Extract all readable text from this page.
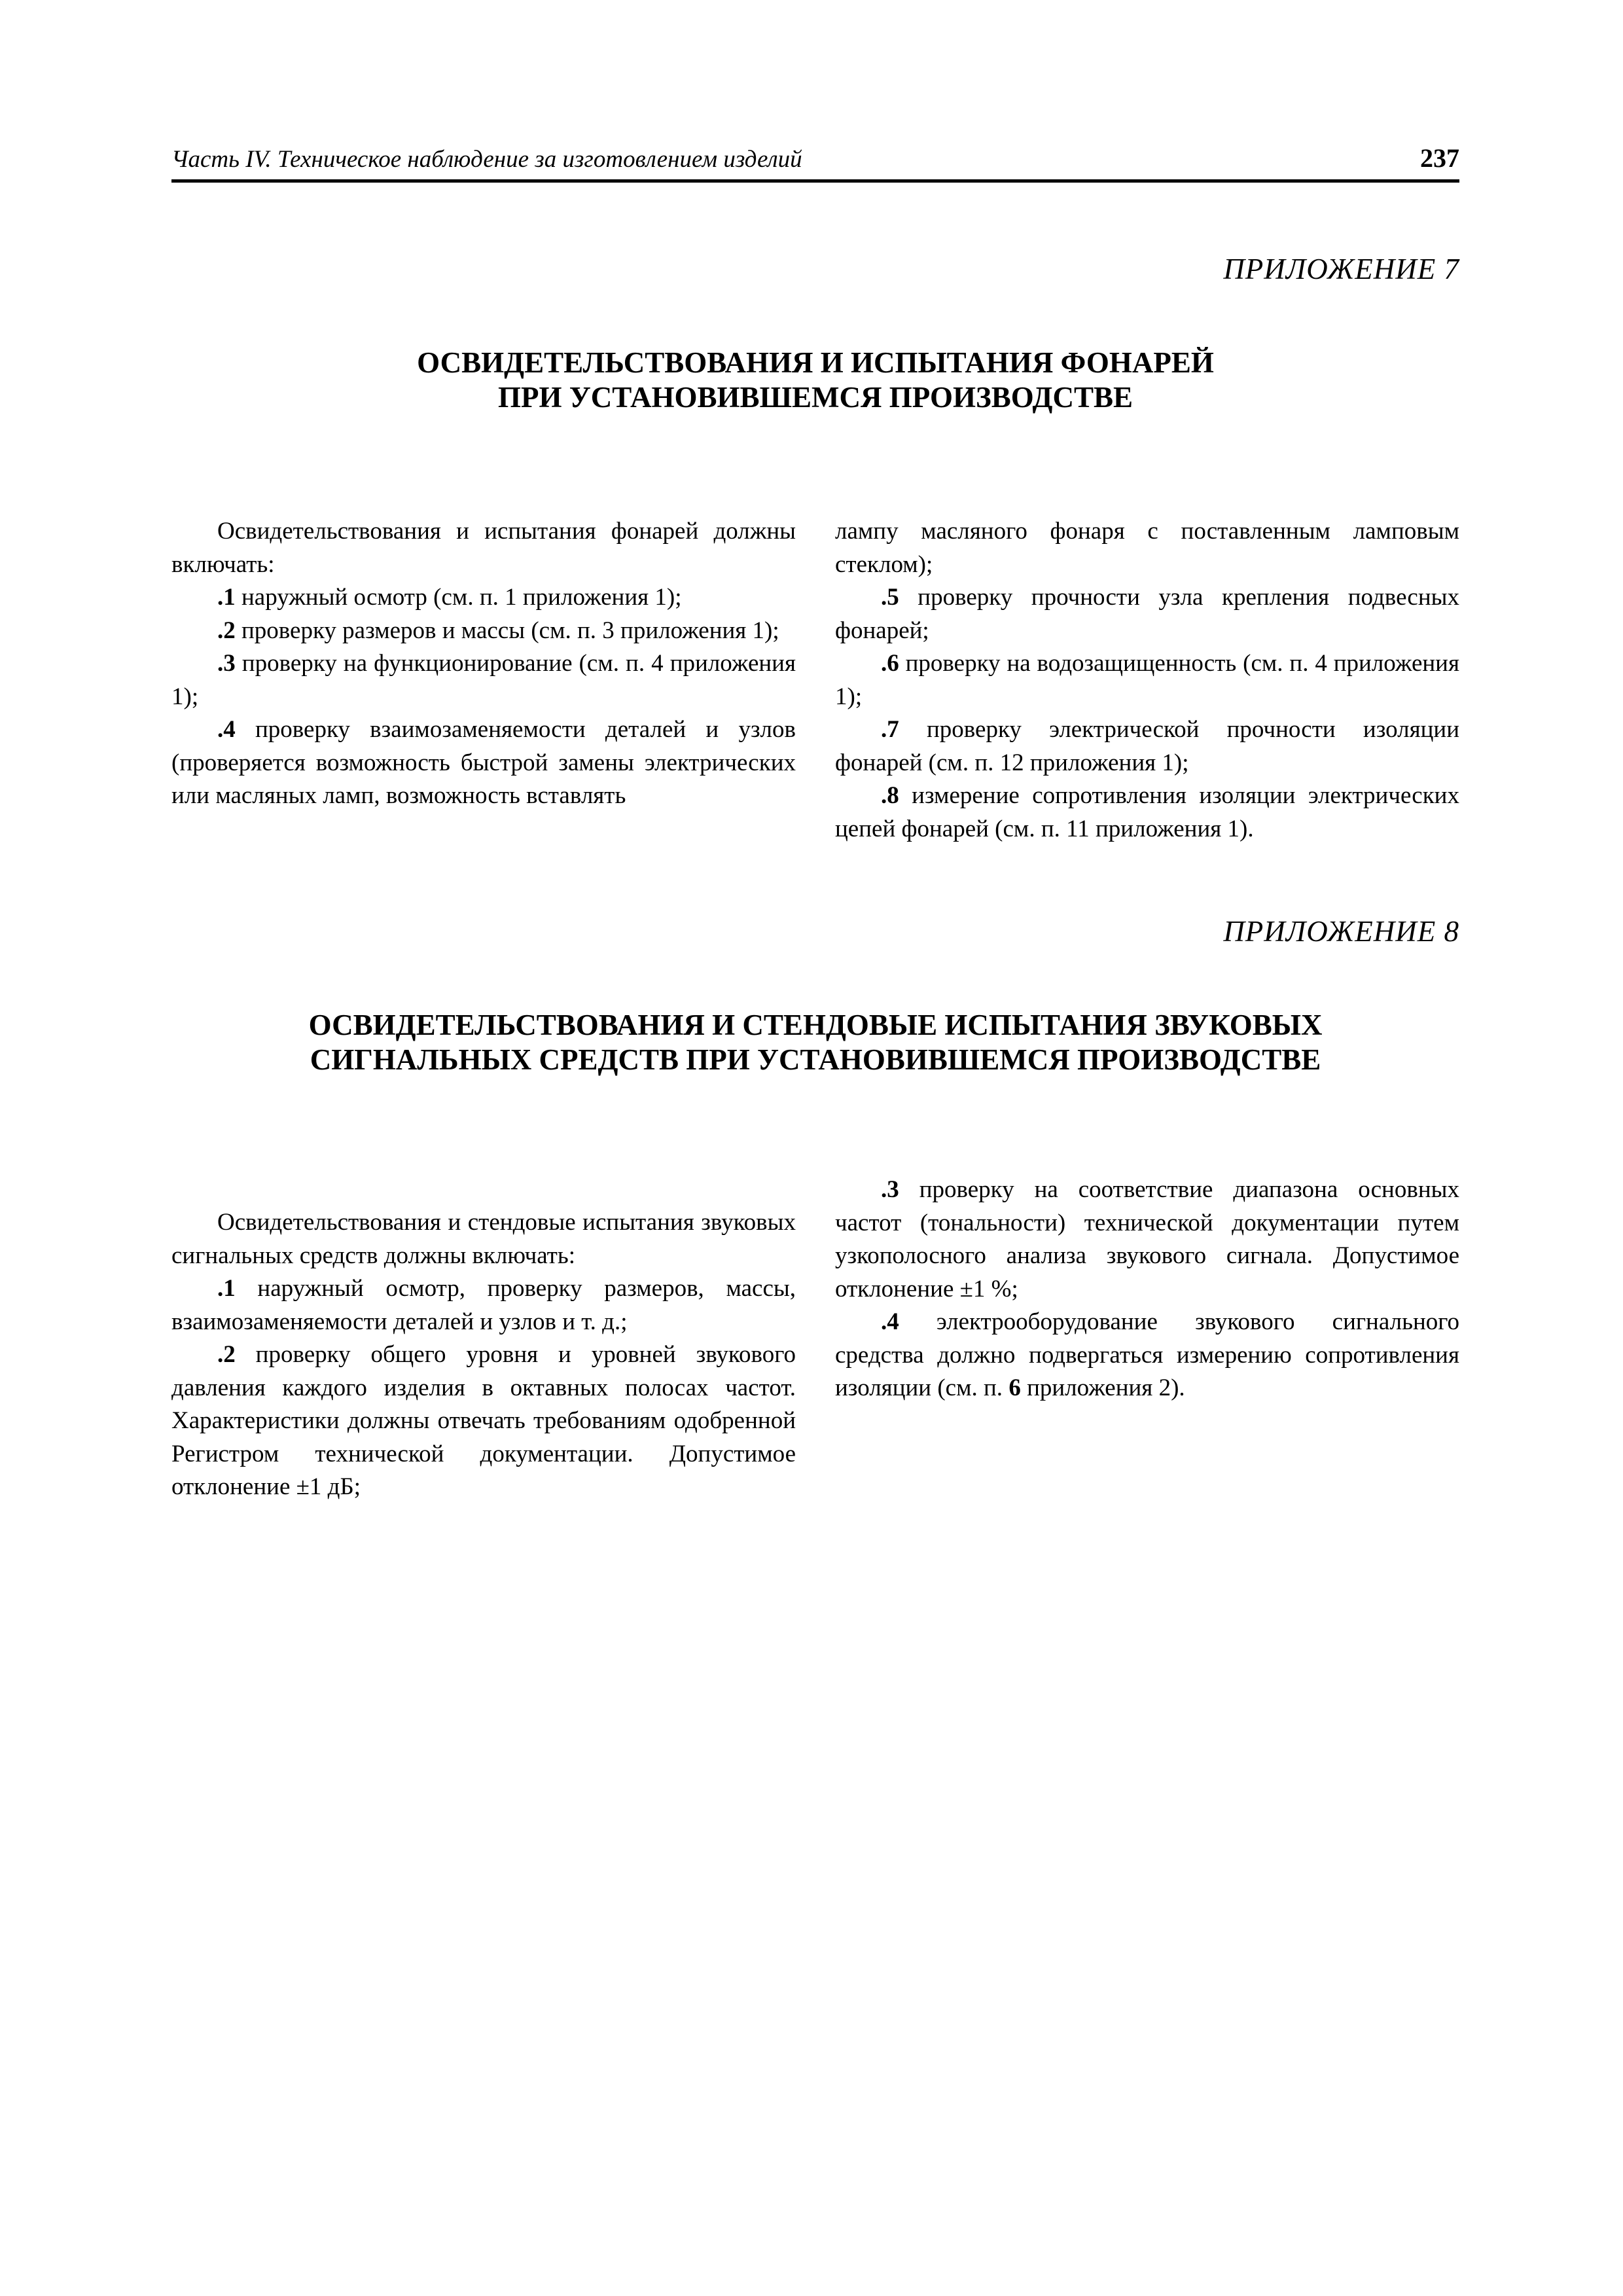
Часть IV. Техническое наблюдение за изготовлением изделий	237
ПРИЛОЖЕНИЕ 7
ОСВИДЕТЕЛЬСТВОВАНИЯ И ИСПЫТАНИЯ ФОНАРЕЙ
ПРИ УСТАНОВИВШЕМСЯ ПРОИЗВОДСТВЕ

Освидетельствования и испытания фонарей должны включать:

.1 наружный осмотр (см. п. 1 приложения 1);

.2 проверку размеров и массы (см. п. 3 приложения 1);

.3 проверку на функционирование (см. п. 4 приложения 1);

.4 проверку взаимозаменяемости деталей и узлов (проверяется возможность быстрой замены электрических или масляных ламп, возможность вставлять

лампу масляного фонаря с поставленным ламповым стеклом);

.5 проверку прочности узла крепления подвесных фонарей;

.6 проверку на водозащищенность (см. п. 4 приложения 1);

.7 проверку электрической прочности изоляции фонарей (см. п. 12 приложения 1);

.8 измерение сопротивления изоляции электрических цепей фонарей (см. п. 11 приложения 1).

ПРИЛОЖЕНИЕ 8
ОСВИДЕТЕЛЬСТВОВАНИЯ И СТЕНДОВЫЕ ИСПЫТАНИЯ ЗВУКОВЫХ
СИГНАЛЬНЫХ СРЕДСТВ ПРИ УСТАНОВИВШЕМСЯ ПРОИЗВОДСТВЕ

Освидетельствования и стендовые испытания звуковых сигнальных средств должны включать:

.1 наружный осмотр, проверку размеров, массы, взаимозаменяемости деталей и узлов и т. д.;

.2 проверку общего уровня и уровней звукового давления каждого изделия в октавных полосах частот. Характеристики должны отвечать требованиям одобренной Регистром технической документации. Допустимое отклонение ±1 дБ;

.3 проверку на соответствие диапазона основных частот (тональности) технической документации путем узкополосного анализа звукового сигнала. Допустимое отклонение ±1 %;

.4 электрооборудование звукового сигнального средства должно подвергаться измерению сопротивления изоляции (см. п. 6 приложения 2).
